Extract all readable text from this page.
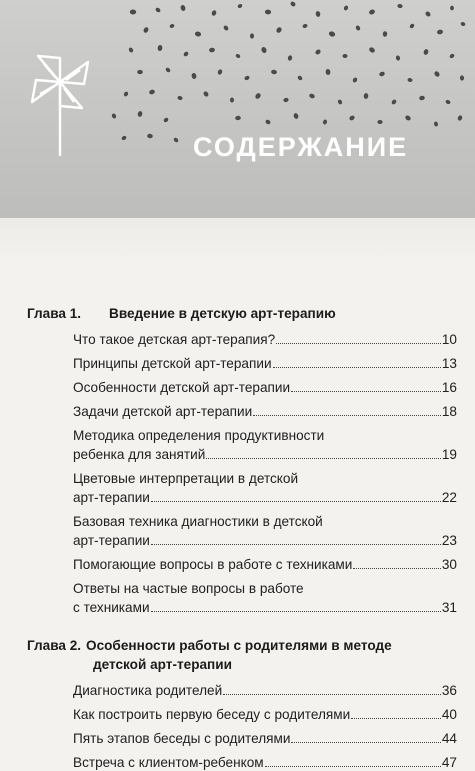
СОДЕРЖАНИЕ
Глава 1. Введение в детскую арт-терапию
Что такое детская арт-терапия?	10
Принципы детской арт-терапии	13
Особенности детской арт-терапии	16
Задачи детской арт-терапии	18
Методика определения продуктивности
ребенка для занятий	19
Цветовые интерпретации в детской
арт-терапии	22
Базовая техника диагностики в детской
арт-терапии	23
Помогающие вопросы в работе с техниками	30
Ответы на частые вопросы в работе
с техниками	31
Глава 2. Особенности работы с родителями в методе
детской арт-терапии
Диагностика родителей	36
Как построить первую беседу с родителями	40
Пять этапов беседы с родителями	44
Встреча с клиентом-ребенком	47
